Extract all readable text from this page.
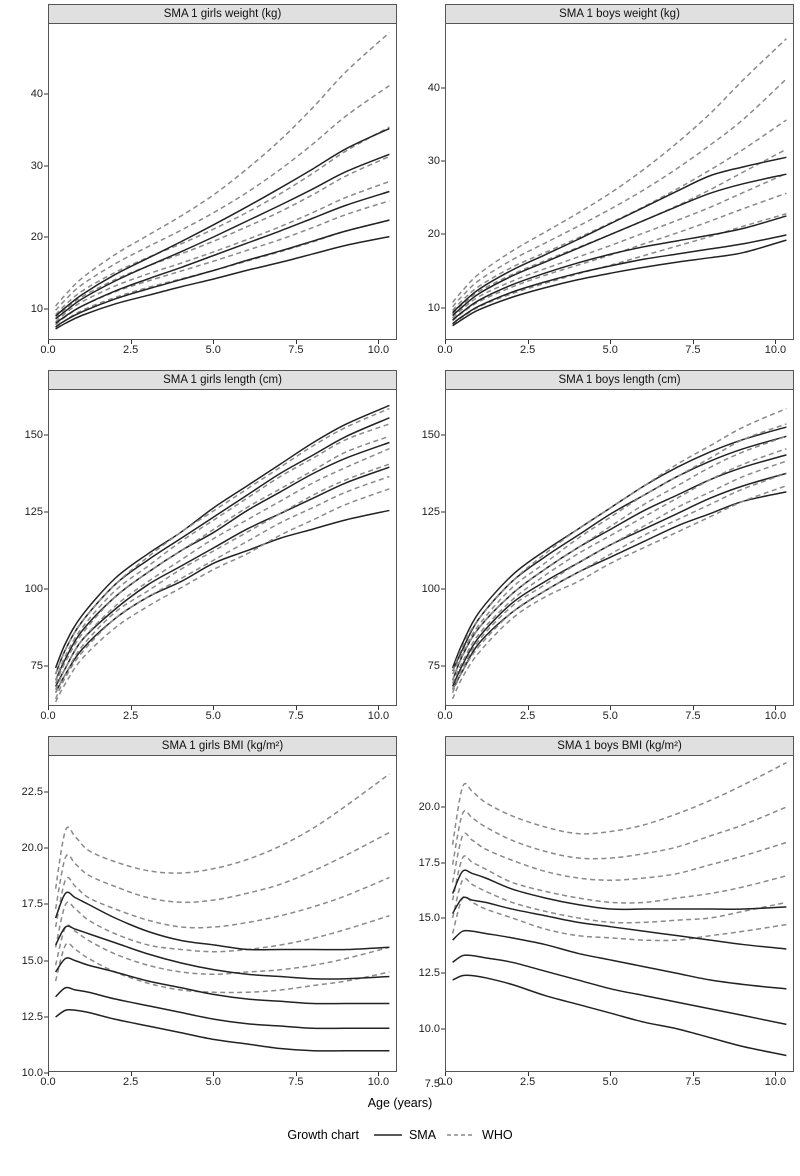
SMA 1 girls weight (kg)
10
20
30
40
0.0	2.5	5.0	7.5	10.0
SMA 1 boys weight (kg)
10
20
30
40
0.0	2.5	5.0	7.5	10.0
SMA 1 girls length (cm)
75
100
125
150
0.0	2.5	5.0	7.5	10.0
SMA 1 boys length (cm)
75
100
125
150
0.0	2.5	5.0	7.5	10.0
SMA 1 girls BMI (kg/m²)
10.0
12.5
15.0
17.5
20.0
22.5
0.0	2.5	5.0	7.5	10.0
SMA 1 boys BMI (kg/m²)
7.5
10.0
12.5
15.0
17.5
20.0
0.0	2.5	5.0	7.5	10.0
Age (years)
Growth chart	SMA	WHO
